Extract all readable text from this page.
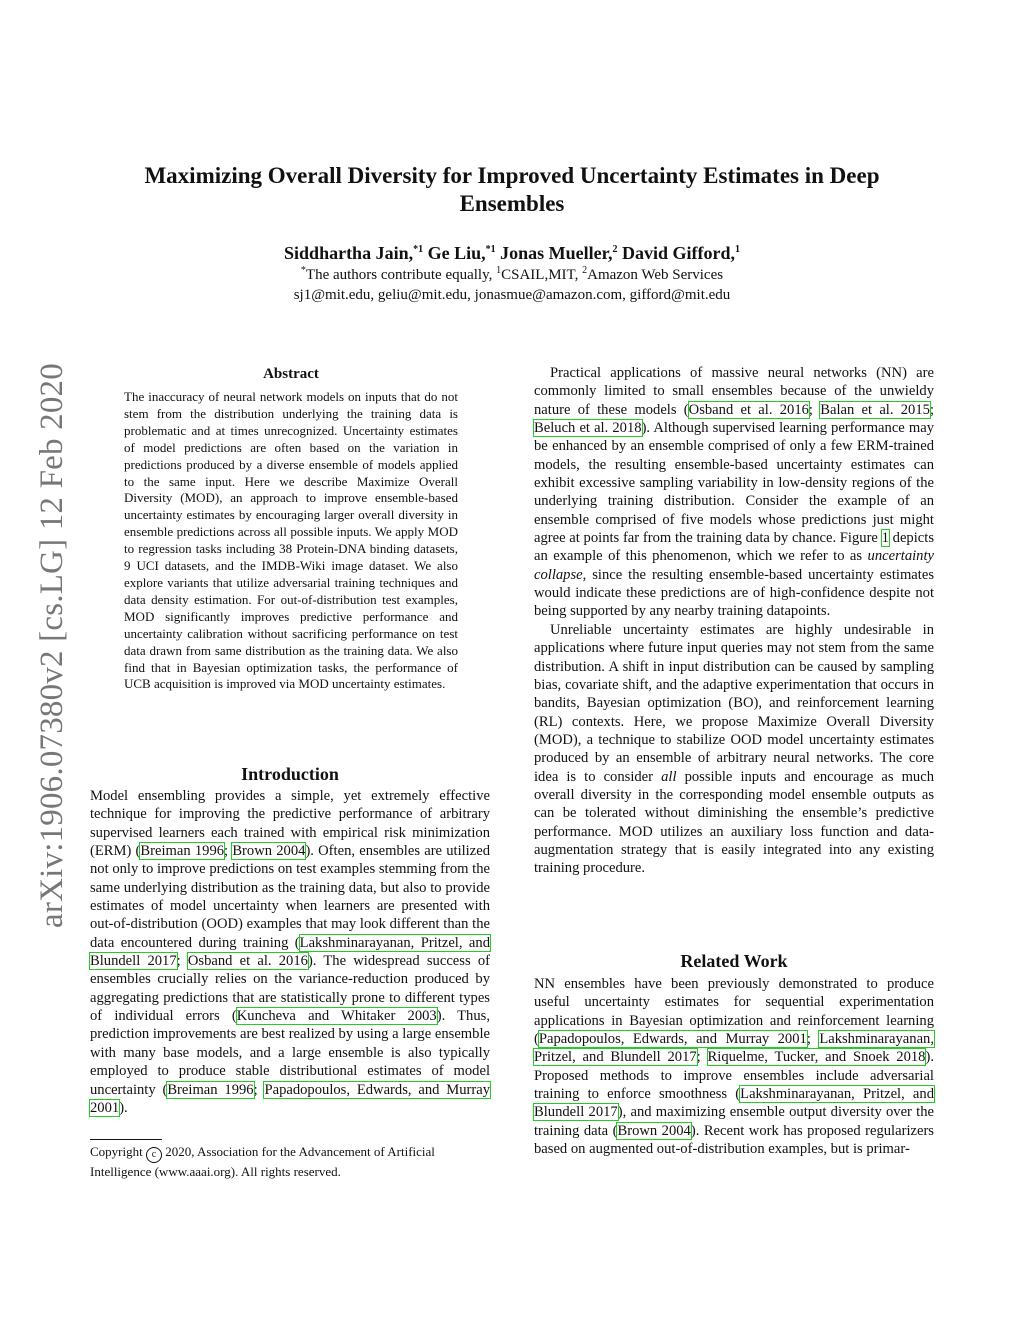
arXiv:1906.07380v2 [cs.LG] 12 Feb 2020
Maximizing Overall Diversity for Improved Uncertainty Estimates in Deep Ensembles
Siddhartha Jain,$^{*1}$ Ge Liu,$^{*1}$ Jonas Mueller,$^2$ David Gifford,$^1$
*The authors contribute equally, $^1$CSAIL,MIT, $^2$Amazon Web Services
sj1@mit.edu, geliu@mit.edu, jonasmue@amazon.com, gifford@mit.edu
Abstract

The inaccuracy of neural network models on inputs that do not stem from the distribution underlying the training data is problematic and at times unrecognized. Uncertainty estimates of model predictions are often based on the variation in predictions produced by a diverse ensemble of models applied to the same input. Here we describe Maximize Overall Diversity (MOD), an approach to improve ensemble-based uncertainty estimates by encouraging larger overall diversity in ensemble predictions across all possible inputs. We apply MOD to regression tasks including 38 Protein-DNA binding datasets, 9 UCI datasets, and the IMDB-Wiki image dataset. We also explore variants that utilize adversarial training techniques and data density estimation. For out-of-distribution test examples, MOD significantly improves predictive performance and uncertainty calibration without sacrificing performance on test data drawn from same distribution as the training data. We also find that in Bayesian optimization tasks, the performance of UCB acquisition is improved via MOD uncertainty estimates.

Introduction

Model ensembling provides a simple, yet extremely effective technique for improving the predictive performance of arbitrary supervised learners each trained with empirical risk minimization (ERM) (Breiman 1996; Brown 2004). Often, ensembles are utilized not only to improve predictions on test examples stemming from the same underlying distribution as the training data, but also to provide estimates of model uncertainty when learners are presented with out-of-distribution (OOD) examples that may look different than the data encountered during training (Lakshminarayanan, Pritzel, and Blundell 2017; Osband et al. 2016). The widespread success of ensembles crucially relies on the variance-reduction produced by aggregating predictions that are statistically prone to different types of individual errors (Kuncheva and Whitaker 2003). Thus, prediction improvements are best realized by using a large ensemble with many base models, and a large ensemble is also typically employed to produce stable distributional estimates of model uncertainty (Breiman 1996; Papadopoulos, Edwards, and Murray 2001).

Copyright c 2020, Association for the Advancement of Artificial Intelligence (www.aaai.org). All rights reserved.

Practical applications of massive neural networks (NN) are commonly limited to small ensembles because of the unwieldy nature of these models (Osband et al. 2016; Balan et al. 2015; Beluch et al. 2018). Although supervised learning performance may be enhanced by an ensemble comprised of only a few ERM-trained models, the resulting ensemble-based uncertainty estimates can exhibit excessive sampling variability in low-density regions of the underlying training distribution. Consider the example of an ensemble comprised of five models whose predictions just might agree at points far from the training data by chance. Figure 1 depicts an example of this phenomenon, which we refer to as uncertainty collapse, since the resulting ensemble-based uncertainty estimates would indicate these predictions are of high-confidence despite not being supported by any nearby training datapoints.

Unreliable uncertainty estimates are highly undesirable in applications where future input queries may not stem from the same distribution. A shift in input distribution can be caused by sampling bias, covariate shift, and the adaptive experimentation that occurs in bandits, Bayesian optimization (BO), and reinforcement learning (RL) contexts. Here, we propose Maximize Overall Diversity (MOD), a technique to stabilize OOD model uncertainty estimates produced by an ensemble of arbitrary neural networks. The core idea is to consider all possible inputs and encourage as much overall diversity in the corresponding model ensemble outputs as can be tolerated without diminishing the ensemble’s predictive performance. MOD utilizes an auxiliary loss function and data-augmentation strategy that is easily integrated into any existing training procedure.

Related Work

NN ensembles have been previously demonstrated to produce useful uncertainty estimates for sequential experimentation applications in Bayesian optimization and reinforcement learning (Papadopoulos, Edwards, and Murray 2001; Lakshminarayanan, Pritzel, and Blundell 2017; Riquelme, Tucker, and Snoek 2018). Proposed methods to improve ensembles include adversarial training to enforce smoothness (Lakshminarayanan, Pritzel, and Blundell 2017), and maximizing ensemble output diversity over the training data (Brown 2004). Recent work has proposed regularizers based on augmented out-of-distribution examples, but is primar-
